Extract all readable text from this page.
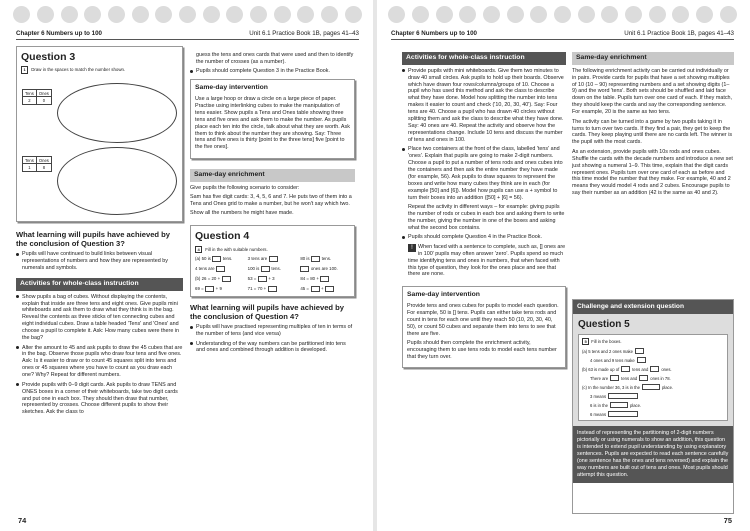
Chapter 6 Numbers up to 100	Unit 6.1 Practice Book 1B, pages 41–43
Question 3
1	Draw in the spaces to match the number shown.
Tens	Ones
2	0
Tens	Ones
1	8
What learning will pupils have achieved by the conclusion of Question 3?
Pupils will have continued to build links between visual representations of numbers and how they are represented by numerals and symbols.
Activities for whole-class instruction
Show pupils a bag of cubes. Without displaying the contents, explain that inside are three tens and eight ones. Give pupils mini whiteboards and ask them to draw what they think is in the bag. Reveal the contents as three sticks of ten connecting cubes and eight individual cubes. Draw a table headed 'Tens' and 'Ones' and choose a pupil to complete it. Ask: How many cubes were there in the bag?
Alter the amount to 45 and ask pupils to draw the 45 cubes that are in the bag. Observe those pupils who draw four tens and five ones. Ask: Is it easier to draw or to count 45 squares split into tens and ones or 45 squares where you have to count as you draw each one? Why? Repeat for different numbers.
Provide pupils with 0–9 digit cards. Ask pupils to draw TENS and ONES boxes in a corner of their whiteboards, take two digit cards and put one in each box. They should then draw that number, represented by crosses. Choose different pupils to show their sketches. Ask the class to

guess the tens and ones cards that were used and then to identify the number of crosses (as a number).

Pupils should complete Question 3 in the Practice Book.
Same-day intervention

Use a large hoop or draw a circle on a large piece of paper. Practise using interlinking cubes to make the manipulation of tens easier. Show pupils a Tens and Ones table showing three tens and five ones and ask them to make the number. As pupils place each ten into the circle, talk about what they are worth. Ask them to think about the number they are showing. Say: Three tens and five ones is thirty [point to the three tens] five [point to the five ones].

Same-day enrichment

Give pupils the following scenario to consider:

Sam has five digit cards: 3, 4, 5, 6 and 7. He puts two of them into a Tens and Ones grid to make a number, but he won't say which two.

Show all the numbers he might have made.

Question 4
4	Fill in the with suitable numbers.
(a) 50 is	tens.	3 tens are	80 is	tens.
4 tens are	100 is	tens.	ones are 100.
(b) 26 = 20 +	53 =	+ 3	84 = 80 +
69 =	+ 9	71 = 70 +	45 =	+
What learning will pupils have achieved by the conclusion of Question 4?
Pupils will have practised representing multiples of ten in terms of the number of tens (and vice versa)
Understanding of the way numbers can be partitioned into tens and ones and combined through addition is developed.
74
Chapter 6 Numbers up to 100	Unit 6.1 Practice Book 1B, pages 41–43
Activities for whole-class instruction
Provide pupils with mini whiteboards. Give them two minutes to draw 40 small circles. Ask pupils to hold up their boards. Observe which have drawn four rows/columns/groups of 10. Choose a pupil who has used this method and ask the class to describe what they have done. Model how splitting the number into tens makes it easier to count and check ('10, 20, 30, 40'). Say: Four tens are 40. Choose a pupil who has drawn 40 circles without splitting them and ask the class to describe what they have done. Say: 40 ones are 40. Repeat the activity and observe how the representations change. Include 10 tens and discuss the number of tens and ones in 100.
Place two containers at the front of the class, labelled 'tens' and 'ones'. Explain that pupils are going to make 2-digit numbers. Choose a pupil to put a number of tens rods and ones cubes into the containers and then ask the entire number they have made (for example, 56). Ask pupils to draw squares to represent the boxes and write how many cubes they think are in each (for example [50] and [6]). Model how pupils can use a + symbol to turn their boxes into an addition ([50] + [6] = 56).

Repeat the activity in different ways – for example: giving pupils the number of rods or cubes in each box and asking them to write the number, giving the number in one of the boxes and asking what the second box contains.

Pupils should complete Question 4 in the Practice Book.

! When faced with a sentence to complete, such as, [] ones are in 100' pupils may often answer 'zero'. Pupils spend so much time identifying tens and ones in numbers, that when faced with this type of question, they look for the ones place and see that there are none.

Same-day intervention

Provide tens and ones cubes for pupils to model each question. For example, 50 is [] tens. Pupils can either take tens rods and count in tens for each one until they reach 50 (10, 20, 30, 40, 50), or count 50 cubes and separate them into tens to see that there are five.

Pupils should then complete the enrichment activity, encouraging them to use tens rods to model each tens number that they turn over.

Same-day enrichment

The following enrichment activity can be carried out individually or in pairs. Provide cards for pupils that have a set showing multiples of 10 (10 – 90) representing numbers and a set showing digits (1–9) and the word 'tens'. Both sets should be shuffled and laid face down on the table. Pupils turn over one card of each. If they match, they should keep the cards and say the corresponding sentence. For example, 20 is the same as two tens.

The activity can be turned into a game by two pupils taking it in turns to turn over two cards. If they find a pair, they get to keep the cards. They keep playing until there are no cards left. The winner is the pupil with the most cards.

As an extension, provide pupils with 10s rods and ones cubes. Shuffle the cards with the decade numbers and introduce a new set just showing a numeral 1–9. This time, explain that the digit cards represent ones. Pupils turn over one card of each as before and this time model the number that they make. For example, 40 and 2 means they would model 4 rods and 2 cubes. Encourage pupils to say their number as an addition (42 is the same as 40 and 2).

Challenge and extension question
Question 5
5	Fill in the boxes.
(a) 5 tens and 2 ones make
4 ones and 9 tens make
(b) 63 is made up of	tens and	ones.
There are	tens and	ones in 78.
(c) In the number 36, 3 is in the	place.
3 means
6 is in the	place.
6 means
Instead of representing the partitioning of 2-digit numbers pictorially or using numerals to show an addition, this question is intended to extend pupil understanding by using explanatory sentences. Pupils are expected to read each sentence carefully (one sentence has the ones and tens reversed) and explain the way numbers are built out of tens and ones. Most pupils should attempt this question.
75
